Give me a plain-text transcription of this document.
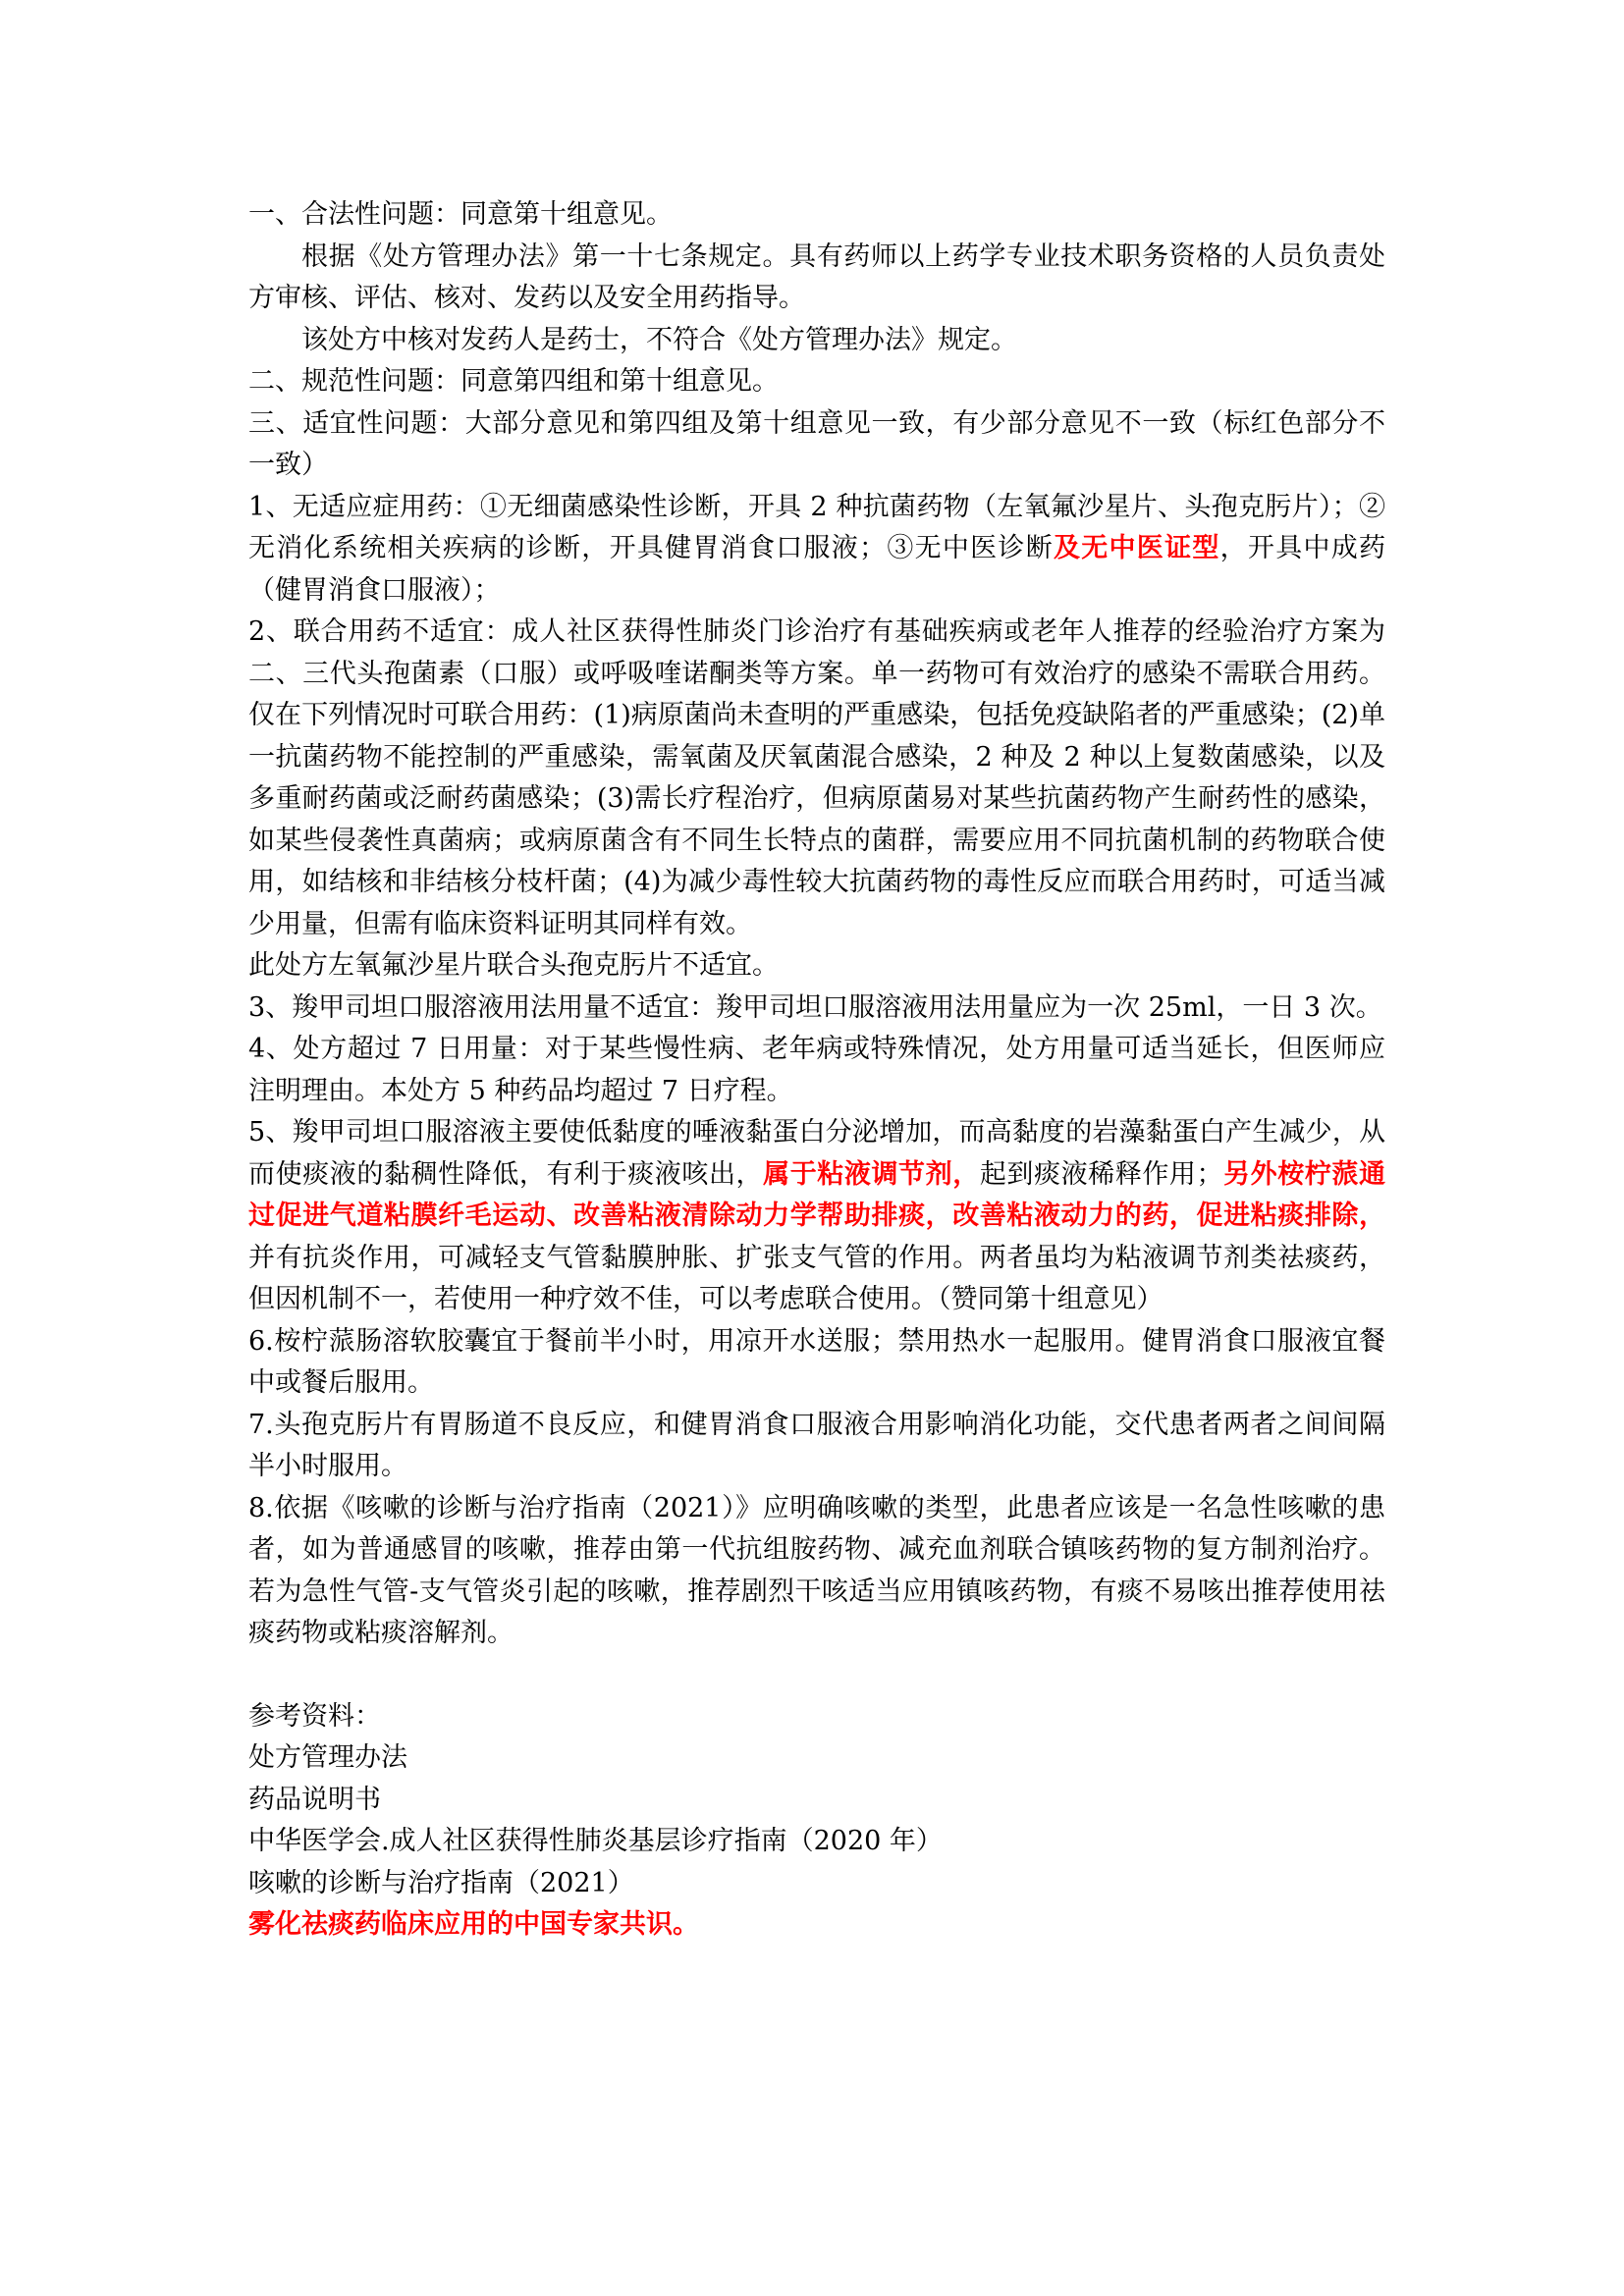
一、合法性问题：同意第十组意见。

根据《处方管理办法》第一十七条规定。具有药师以上药学专业技术职务资格的人员负责处方审核、评估、核对、发药以及安全用药指导。

该处方中核对发药人是药士，不符合《处方管理办法》规定。

二、规范性问题：同意第四组和第十组意见。

三、适宜性问题：大部分意见和第四组及第十组意见一致，有少部分意见不一致（标红色部分不一致）

1、无适应症用药：①无细菌感染性诊断，开具 2 种抗菌药物（左氧氟沙星片、头孢克肟片）；②无消化系统相关疾病的诊断，开具健胃消食口服液；③无中医诊断及无中医证型，开具中成药（健胃消食口服液）；

2、联合用药不适宜：成人社区获得性肺炎门诊治疗有基础疾病或老年人推荐的经验治疗方案为二、三代头孢菌素（口服）或呼吸喹诺酮类等方案。单一药物可有效治疗的感染不需联合用药。仅在下列情况时可联合用药：(1)病原菌尚未查明的严重感染，包括免疫缺陷者的严重感染；(2)单一抗菌药物不能控制的严重感染，需氧菌及厌氧菌混合感染，2 种及 2 种以上复数菌感染，以及多重耐药菌或泛耐药菌感染；(3)需长疗程治疗，但病原菌易对某些抗菌药物产生耐药性的感染，如某些侵袭性真菌病；或病原菌含有不同生长特点的菌群，需要应用不同抗菌机制的药物联合使用，如结核和非结核分枝杆菌；(4)为减少毒性较大抗菌药物的毒性反应而联合用药时，可适当减少用量，但需有临床资料证明其同样有效。

此处方左氧氟沙星片联合头孢克肟片不适宜。

3、羧甲司坦口服溶液用法用量不适宜：羧甲司坦口服溶液用法用量应为一次 25ml，一日 3 次。

4、处方超过 7 日用量：对于某些慢性病、老年病或特殊情况，处方用量可适当延长，但医师应注明理由。本处方 5 种药品均超过 7 日疗程。

5、羧甲司坦口服溶液主要使低黏度的唾液黏蛋白分泌增加，而高黏度的岩藻黏蛋白产生减少，从而使痰液的黏稠性降低，有利于痰液咳出，属于粘液调节剂，起到痰液稀释作用；另外桉柠蒎通过促进气道粘膜纤毛运动、改善粘液清除动力学帮助排痰，改善粘液动力的药，促进粘痰排除，并有抗炎作用，可减轻支气管黏膜肿胀、扩张支气管的作用。两者虽均为粘液调节剂类祛痰药，但因机制不一，若使用一种疗效不佳，可以考虑联合使用。（赞同第十组意见）

6.桉柠蒎肠溶软胶囊宜于餐前半小时，用凉开水送服；禁用热水一起服用。健胃消食口服液宜餐中或餐后服用。

7.头孢克肟片有胃肠道不良反应，和健胃消食口服液合用影响消化功能，交代患者两者之间间隔半小时服用。

8.依据《咳嗽的诊断与治疗指南（2021）》应明确咳嗽的类型，此患者应该是一名急性咳嗽的患者，如为普通感冒的咳嗽，推荐由第一代抗组胺药物、减充血剂联合镇咳药物的复方制剂治疗。若为急性气管-支气管炎引起的咳嗽，推荐剧烈干咳适当应用镇咳药物，有痰不易咳出推荐使用祛痰药物或粘痰溶解剂。

参考资料：

处方管理办法

药品说明书

中华医学会.成人社区获得性肺炎基层诊疗指南（2020 年）

咳嗽的诊断与治疗指南（2021）

雾化祛痰药临床应用的中国专家共识。
